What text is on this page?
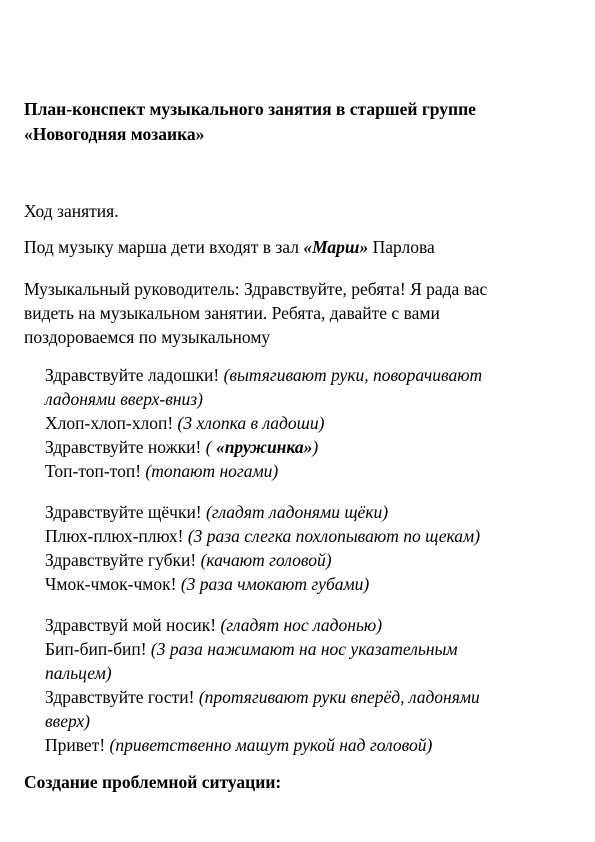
План-конспект музыкального занятия в старшей группе
«Новогодняя мозаика»

Ход занятия.

Под музыку марша дети входят в зал «Марш» Парлова

Музыкальный руководитель: Здравствуйте, ребята! Я рада вас
видеть на музыкальном занятии. Ребята, давайте с вами
поздороваемся по музыкальному

Здравствуйте ладошки! (вытягивают руки, поворачивают
ладонями вверх-вниз)
Хлоп-хлоп-хлоп! (3 хлопка в ладоши)
Здравствуйте ножки! ( «пружинка»)
Топ-топ-топ! (топают ногами)
Здравствуйте щёчки! (гладят ладонями щёки)
Плюх-плюх-плюх! (3 раза слегка похлопывают по щекам)
Здравствуйте губки! (качают головой)
Чмок-чмок-чмок! (3 раза чмокают губами)
Здравствуй мой носик! (гладят нос ладонью)
Бип-бип-бип! (3 раза нажимают на нос указательным
пальцем)
Здравствуйте гости! (протягивают руки вперёд, ладонями
вверх)
Привет! (приветственно машут рукой над головой)

Создание проблемной ситуации:
